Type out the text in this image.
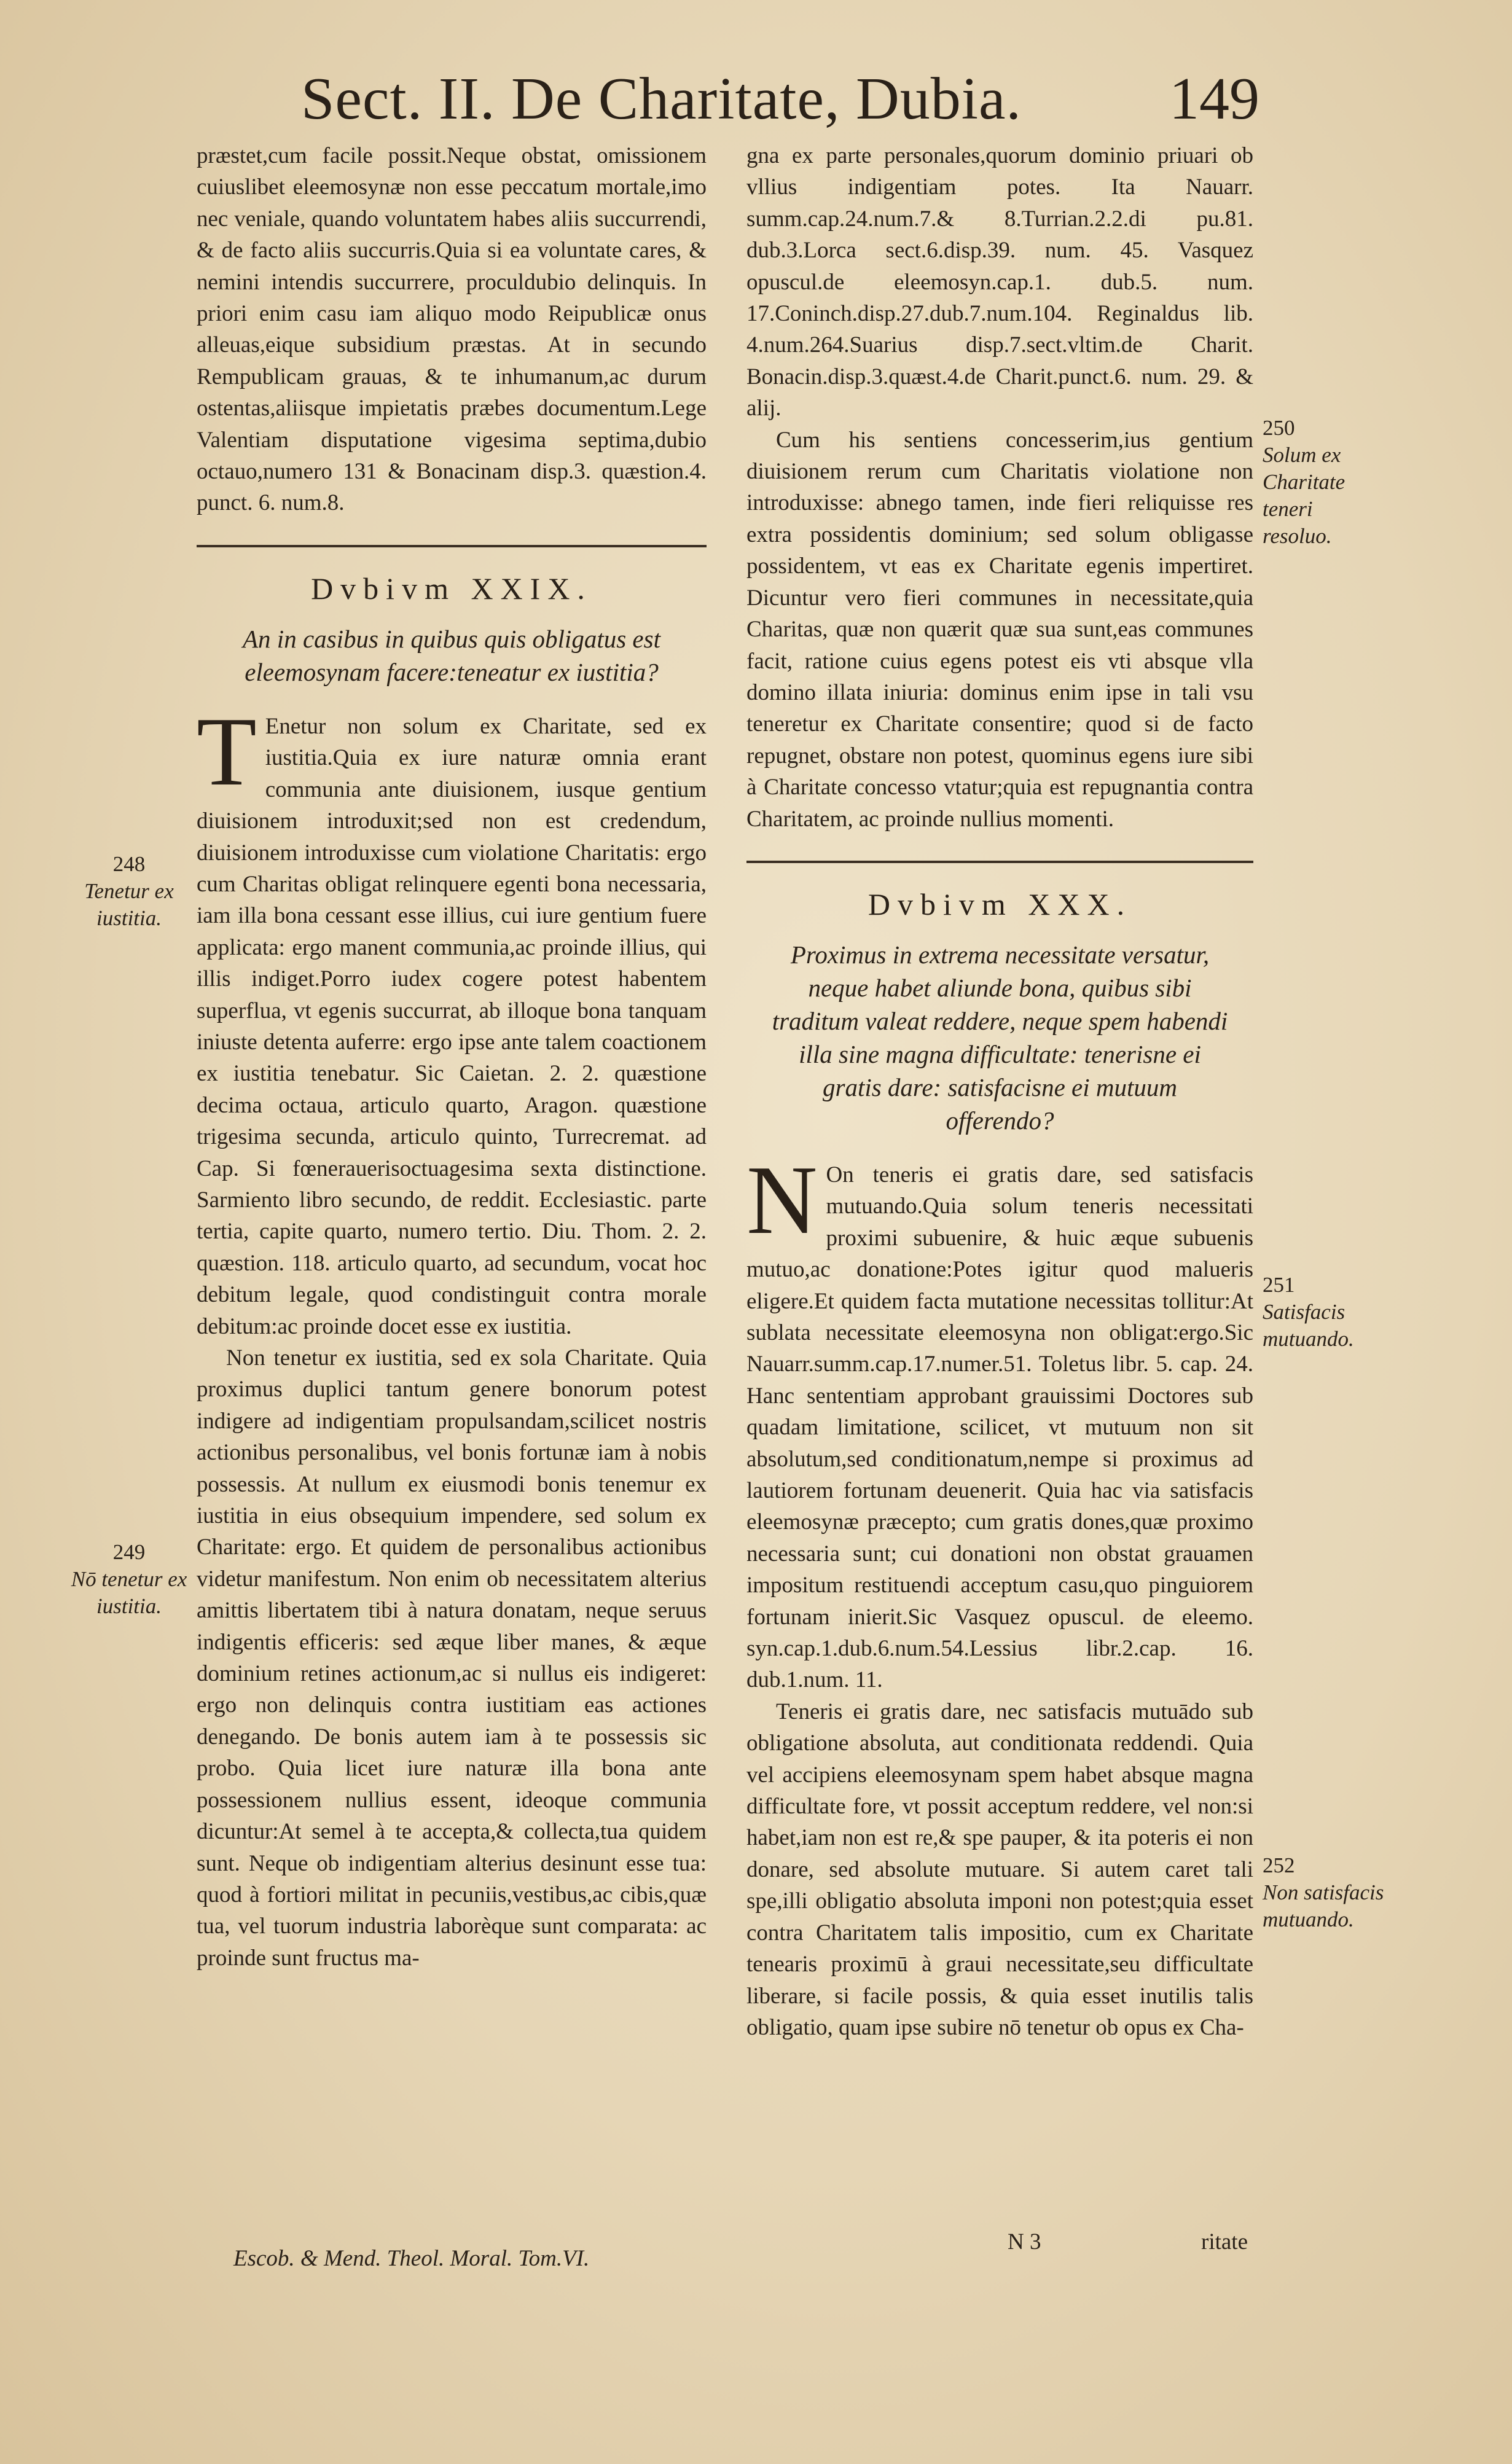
Sect. II. De Charitate, Dubia. 149

præstet,cum facile possit.Neque obstat, omissionem cuiuslibet eleemosynæ non esse peccatum mortale,imo nec veniale, quando voluntatem habes aliis succurrendi, & de facto aliis succurris.Quia si ea voluntate cares, & nemini intendis succurrere, proculdubio delinquis. In priori enim casu iam aliquo modo Reipublicæ onus alleuas,eique subsidium præstas. At in secundo Rempublicam grauas, & te inhumanum,ac durum ostentas,aliisque impietatis præbes documentum.Lege Valentiam disputatione vigesima septima,dubio octauo,numero 131 & Bonacinam disp.3. quæstion.4. punct. 6. num.8.

Dvbivm XXIX.

An in casibus in quibus quis obligatus est eleemosynam facere:teneatur ex iustitia?

T Enetur non solum ex Charitate, sed ex iustitia.Quia ex iure naturæ omnia erant communia ante diuisionem, iusque gentium diuisionem introduxit;sed non est credendum, diuisionem introduxisse cum violatione Charitatis: ergo cum Charitas obligat relinquere egenti bona necessaria, iam illa bona cessant esse illius, cui iure gentium fuere applicata: ergo manent communia,ac proinde illius, qui illis indiget.Porro iudex cogere potest habentem superflua, vt egenis succurrat, ab illoque bona tanquam iniuste detenta auferre: ergo ipse ante talem coactionem ex iustitia tenebatur. Sic Caietan. 2. 2. quæstione decima octaua, articulo quarto, Aragon. quæstione trigesima secunda, articulo quinto, Turrecremat. ad Cap. Si fœnerauerisoctuagesima sexta distinctione. Sarmiento libro secundo, de reddit. Ecclesiastic. parte tertia, capite quarto, numero tertio. Diu. Thom. 2. 2. quæstion. 118. articulo quarto, ad secundum, vocat hoc debitum legale, quod condistinguit contra morale debitum:ac proinde docet esse ex iustitia.

Non tenetur ex iustitia, sed ex sola Charitate. Quia proximus duplici tantum genere bonorum potest indigere ad indigentiam propulsandam,scilicet nostris actionibus personalibus, vel bonis fortunæ iam à nobis possessis. At nullum ex eiusmodi bonis tenemur ex iustitia in eius obsequium impendere, sed solum ex Charitate: ergo. Et quidem de personalibus actionibus videtur manifestum. Non enim ob necessitatem alterius amittis libertatem tibi à natura donatam, neque seruus indigentis efficeris: sed æque liber manes, & æque dominium retines actionum,ac si nullus eis indigeret: ergo non delinquis contra iustitiam eas actiones denegando. De bonis autem iam à te possessis sic probo. Quia licet iure naturæ illa bona ante possessionem nullius essent, ideoque communia dicuntur:At semel à te accepta,& collecta,tua quidem sunt. Neque ob indigentiam alterius desinunt esse tua: quod à fortiori militat in pecuniis,vestibus,ac cibis,quæ tua, vel tuorum industria laborèque sunt comparata: ac proinde sunt fructus ma-

gna ex parte personales,quorum dominio priuari ob vllius indigentiam potes. Ita Nauarr. summ.cap.24.num.7.& 8.Turrian.2.2.di pu.81. dub.3.Lorca sect.6.disp.39. num. 45. Vasquez opuscul.de eleemosyn.cap.1. dub.5. num. 17.Coninch.disp.27.dub.7.num.104. Reginaldus lib. 4.num.264.Suarius disp.7.sect.vltim.de Charit. Bonacin.disp.3.quæst.4.de Charit.punct.6. num. 29. & alij.

Cum his sentiens concesserim,ius gentium diuisionem rerum cum Charitatis violatione non introduxisse: abnego tamen, inde fieri reliquisse res extra possidentis dominium; sed solum obligasse possidentem, vt eas ex Charitate egenis impertiret. Dicuntur vero fieri communes in necessitate,quia Charitas, quæ non quærit quæ sua sunt,eas communes facit, ratione cuius egens potest eis vti absque vlla domino illata iniuria: dominus enim ipse in tali vsu teneretur ex Charitate consentire; quod si de facto repugnet, obstare non potest, quominus egens iure sibi à Charitate concesso vtatur;quia est repugnantia contra Charitatem, ac proinde nullius momenti.

Dvbivm XXX.

Proximus in extrema necessitate versatur, neque habet aliunde bona, quibus sibi traditum valeat reddere, neque spem habendi illa sine magna difficultate: tenerisne ei gratis dare: satisfacisne ei mutuum offerendo?

N On teneris ei gratis dare, sed satisfacis mutuando.Quia solum teneris necessitati proximi subuenire, & huic æque subuenis mutuo,ac donatione:Potes igitur quod malueris eligere.Et quidem facta mutatione necessitas tollitur:At sublata necessitate eleemosyna non obligat:ergo.Sic Nauarr.summ.cap.17.numer.51. Toletus libr. 5. cap. 24. Hanc sententiam approbant grauissimi Doctores sub quadam limitatione, scilicet, vt mutuum non sit absolutum,sed conditionatum,nempe si proximus ad lautiorem fortunam deuenerit. Quia hac via satisfacis eleemosynæ præcepto; cum gratis dones,quæ proximo necessaria sunt; cui donationi non obstat grauamen impositum restituendi acceptum casu,quo pinguiorem fortunam inierit.Sic Vasquez opuscul. de eleemo. syn.cap.1.dub.6.num.54.Lessius libr.2.cap. 16. dub.1.num. 11.

Teneris ei gratis dare, nec satisfacis mutuādo sub obligatione absoluta, aut conditionata reddendi. Quia vel accipiens eleemosynam spem habet absque magna difficultate fore, vt possit acceptum reddere, vel non:si habet,iam non est re,& spe pauper, & ita poteris ei non donare, sed absolute mutuare. Si autem caret tali spe,illi obligatio absoluta imponi non potest;quia esset contra Charitatem talis impositio, cum ex Charitate tenearis proximū à graui necessitate,seu difficultate liberare, si facile possis, & quia esset inutilis talis obligatio, quam ipse subire nō tenetur ob opus ex Cha-

248
Tenetur ex iustitia.
249
Nō tenetur ex iustitia.
250
Solum ex Charitate teneri resoluo.
251
Satisfacis mutuando.
252
Non satisfacis mutuando.
Escob. & Mend. Theol. Moral. Tom.VI.
N 3	ritate
